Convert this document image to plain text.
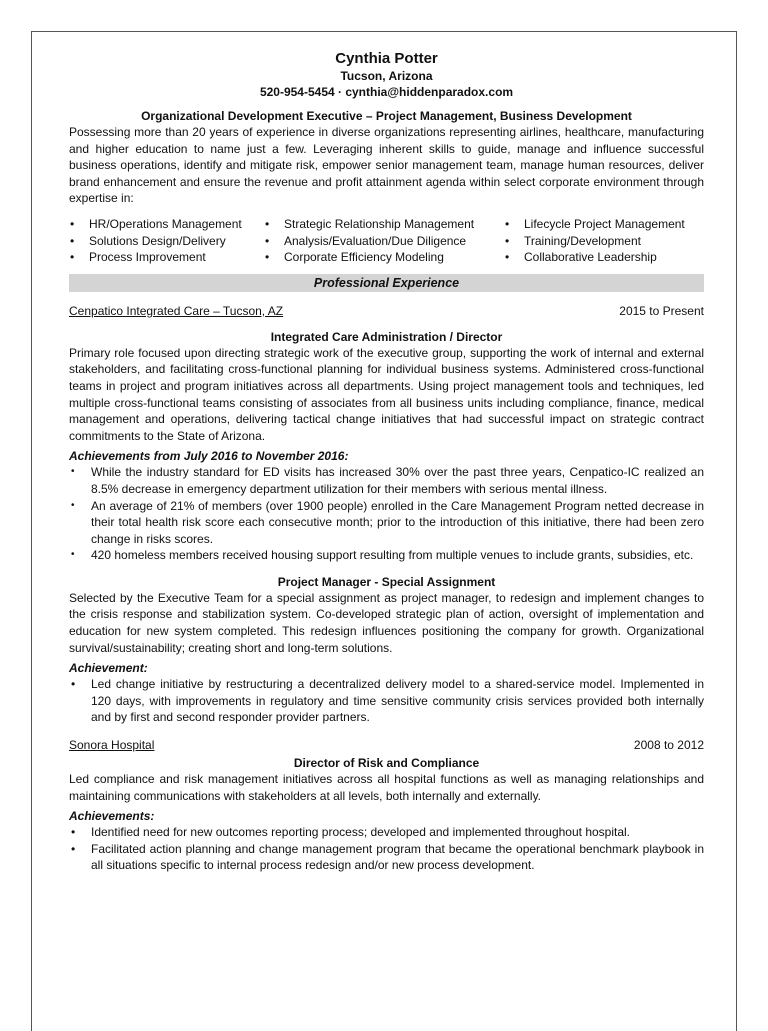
Cynthia Potter
Tucson, Arizona
520-954-5454 · cynthia@hiddenparadox.com
Organizational Development Executive – Project Management, Business Development

Possessing more than 20 years of experience in diverse organizations representing airlines, healthcare, manufacturing and higher education to name just a few. Leveraging inherent skills to guide, manage and influence successful business operations, identify and mitigate risk, empower senior management team, manage human resources, deliver brand enhancement and ensure the revenue and profit attainment agenda within select corporate environment through expertise in:

• HR/Operations Management
• Solutions Design/Delivery
• Process Improvement
• Strategic Relationship Management
• Analysis/Evaluation/Due Diligence
• Corporate Efficiency Modeling
• Lifecycle Project Management
• Training/Development
• Collaborative Leadership
Professional Experience
Cenpatico Integrated Care – Tucson, AZ	2015 to Present
Integrated Care Administration / Director

Primary role focused upon directing strategic work of the executive group, supporting the work of internal and external stakeholders, and facilitating cross-functional planning for individual business systems. Administered cross-functional teams in project and program initiatives across all departments. Using project management tools and techniques, led multiple cross-functional teams consisting of associates from all business units including compliance, finance, medical management and operations, delivering tactical change initiatives that had successful impact on strategic contract commitments to the State of Arizona.

Achievements from July 2016 to November 2016:
• While the industry standard for ED visits has increased 30% over the past three years, Cenpatico-IC realized an 8.5% decrease in emergency department utilization for their members with serious mental illness.
• An average of 21% of members (over 1900 people) enrolled in the Care Management Program netted decrease in their total health risk score each consecutive month; prior to the introduction of this initiative, there had been zero change in risks scores.
• 420 homeless members received housing support resulting from multiple venues to include grants, subsidies, etc.
Project Manager - Special Assignment

Selected by the Executive Team for a special assignment as project manager, to redesign and implement changes to the crisis response and stabilization system. Co-developed strategic plan of action, oversight of implementation and education for new system completed. This redesign influences positioning the company for growth. Organizational survival/sustainability; creating short and long-term solutions.

Achievement:
• Led change initiative by restructuring a decentralized delivery model to a shared-service model. Implemented in 120 days, with improvements in regulatory and time sensitive community crisis services provided both internally and by first and second responder provider partners.
Sonora Hospital	2008 to 2012
Director of Risk and Compliance

Led compliance and risk management initiatives across all hospital functions as well as managing relationships and maintaining communications with stakeholders at all levels, both internally and externally.

Achievements:
• Identified need for new outcomes reporting process; developed and implemented throughout hospital.
• Facilitated action planning and change management program that became the operational benchmark playbook in all situations specific to internal process redesign and/or new process development.
